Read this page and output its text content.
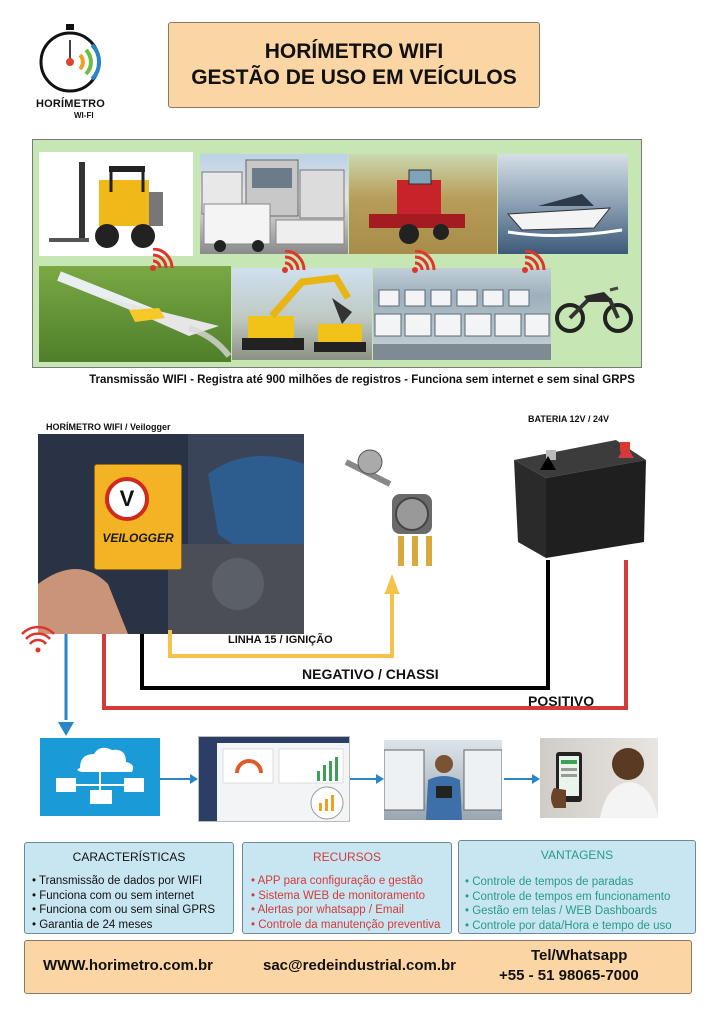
HORÍMETRO
WI-FI
HORÍMETRO WIFI
GESTÃO DE USO EM VEÍCULOS
Transmissão WIFI - Registra até 900 milhões de registros - Funciona sem internet e sem sinal GRPS
HORÍMETRO WIFI / Veilogger
BATERIA 12V / 24V
V
VEILOGGER
LINHA 15 / IGNIÇÃO
NEGATIVO / CHASSI
POSITIVO
CARACTERÍSTICAS
• Transmissão de dados por WIFI
• Funciona com ou sem internet
• Funciona com ou sem sinal GPRS
• Garantia de 24 meses
RECURSOS
• APP para configuração e gestão
• Sistema WEB de monitoramento
• Alertas por whatsapp / Email
• Controle da manutenção preventiva
VANTAGENS
• Controle de tempos de paradas
• Controle de tempos em funcionamento
• Gestão em telas / WEB Dashboards
• Controle por data/Hora e tempo de uso
WWW.horimetro.com.br	sac@redeindustrial.com.br
Tel/Whatsapp
+55 - 51 98065-7000
